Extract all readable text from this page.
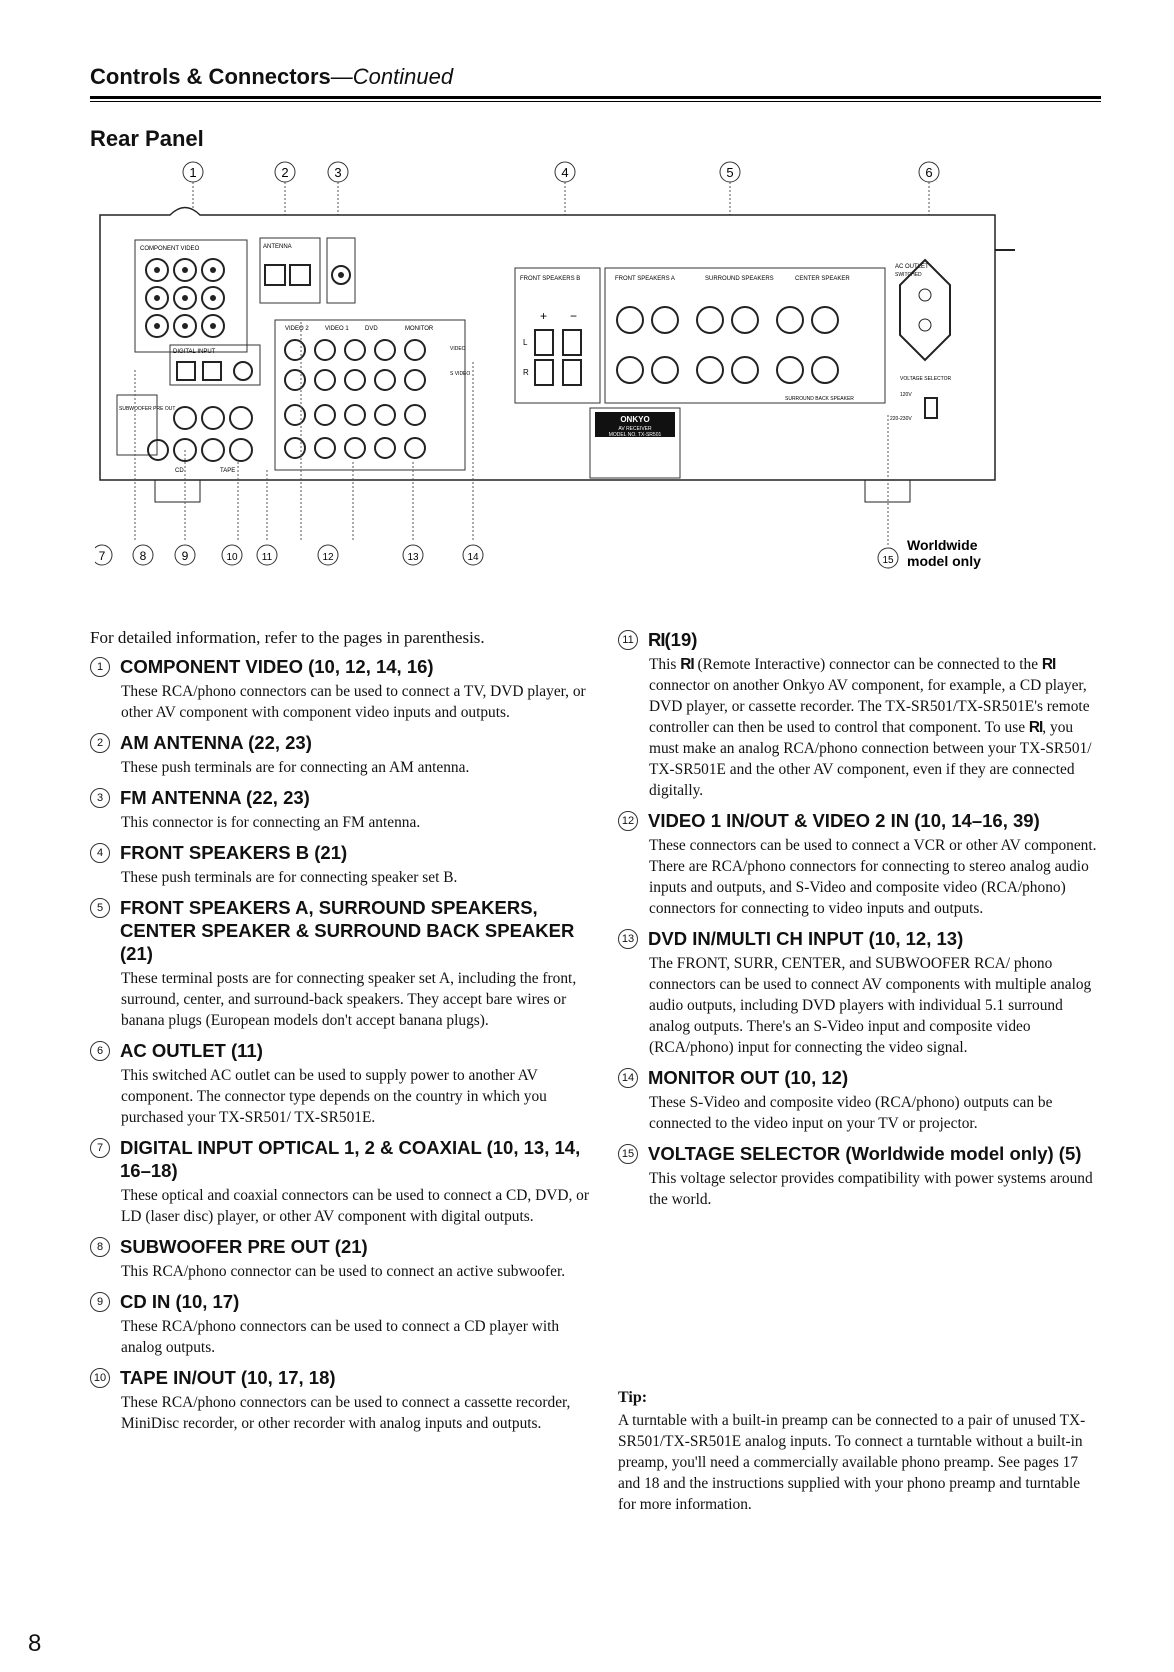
Controls & Connectors—Continued
Rear Panel
1	2	3	4	5	6
COMPONENT VIDEO	ANTENNA
DIGITAL INPUT
SUBWOOFER PRE OUT
CD	TAPE
VIDEO 2	VIDEO 1	DVD	MONITOR
S VIDEO
VIDEO
FRONT SPEAKERS B
+ −
L
R
FRONT SPEAKERS A	SURROUND SPEAKERS	CENTER SPEAKER
SURROUND BACK SPEAKER
ONKYO
AV RECEIVER
MODEL NO. TX-SR501
AC OUTLET
SWITCHED
VOLTAGE SELECTOR
120V
220-230V
7	8	9	10 11	12	13	14	15
Worldwide
model only
For detailed information, refer to the pages in parenthesis.
1 COMPONENT VIDEO (10, 12, 14, 16)
These RCA/phono connectors can be used to connect a TV, DVD player, or other AV component with component video inputs and outputs.
2 AM ANTENNA (22, 23)
These push terminals are for connecting an AM antenna.
3 FM ANTENNA (22, 23)
This connector is for connecting an FM antenna.
4 FRONT SPEAKERS B (21)
These push terminals are for connecting speaker set B.
5 FRONT SPEAKERS A, SURROUND SPEAKERS, CENTER SPEAKER & SURROUND BACK SPEAKER (21)
These terminal posts are for connecting speaker set A, including the front, surround, center, and surround-back speakers. They accept bare wires or banana plugs (European models don't accept banana plugs).
6 AC OUTLET (11)
This switched AC outlet can be used to supply power to another AV component. The connector type depends on the country in which you purchased your TX-SR501/ TX-SR501E.
7 DIGITAL INPUT OPTICAL 1, 2 & COAXIAL (10, 13, 14, 16–18)
These optical and coaxial connectors can be used to connect a CD, DVD, or LD (laser disc) player, or other AV component with digital outputs.
8 SUBWOOFER PRE OUT (21)
This RCA/phono connector can be used to connect an active subwoofer.
9 CD IN (10, 17)
These RCA/phono connectors can be used to connect a CD player with analog outputs.
10 TAPE IN/OUT (10, 17, 18)
These RCA/phono connectors can be used to connect a cassette recorder, MiniDisc recorder, or other recorder with analog inputs and outputs.
11 RI (19)
This RI (Remote Interactive) connector can be connected to the RI connector on another Onkyo AV component, for example, a CD player, DVD player, or cassette recorder. The TX-SR501/TX-SR501E's remote controller can then be used to control that component. To use RI, you must make an analog RCA/phono connection between your TX-SR501/ TX-SR501E and the other AV component, even if they are connected digitally.
12 VIDEO 1 IN/OUT & VIDEO 2 IN (10, 14–16, 39)
These connectors can be used to connect a VCR or other AV component. There are RCA/phono connectors for connecting to stereo analog audio inputs and outputs, and S-Video and composite video (RCA/phono) connectors for connecting to video inputs and outputs.
13 DVD IN/MULTI CH INPUT (10, 12, 13)
The FRONT, SURR, CENTER, and SUBWOOFER RCA/ phono connectors can be used to connect AV components with multiple analog audio outputs, including DVD players with individual 5.1 surround analog outputs. There's an S-Video input and composite video (RCA/phono) input for connecting the video signal.
14 MONITOR OUT (10, 12)
These S-Video and composite video (RCA/phono) outputs can be connected to the video input on your TV or projector.
15 VOLTAGE SELECTOR (Worldwide model only) (5)
This voltage selector provides compatibility with power systems around the world.
Tip:
A turntable with a built-in preamp can be connected to a pair of unused TX-SR501/TX-SR501E analog inputs. To connect a turntable without a built-in preamp, you'll need a commercially available phono preamp. See pages 17 and 18 and the instructions supplied with your phono preamp and turntable for more information.
8
